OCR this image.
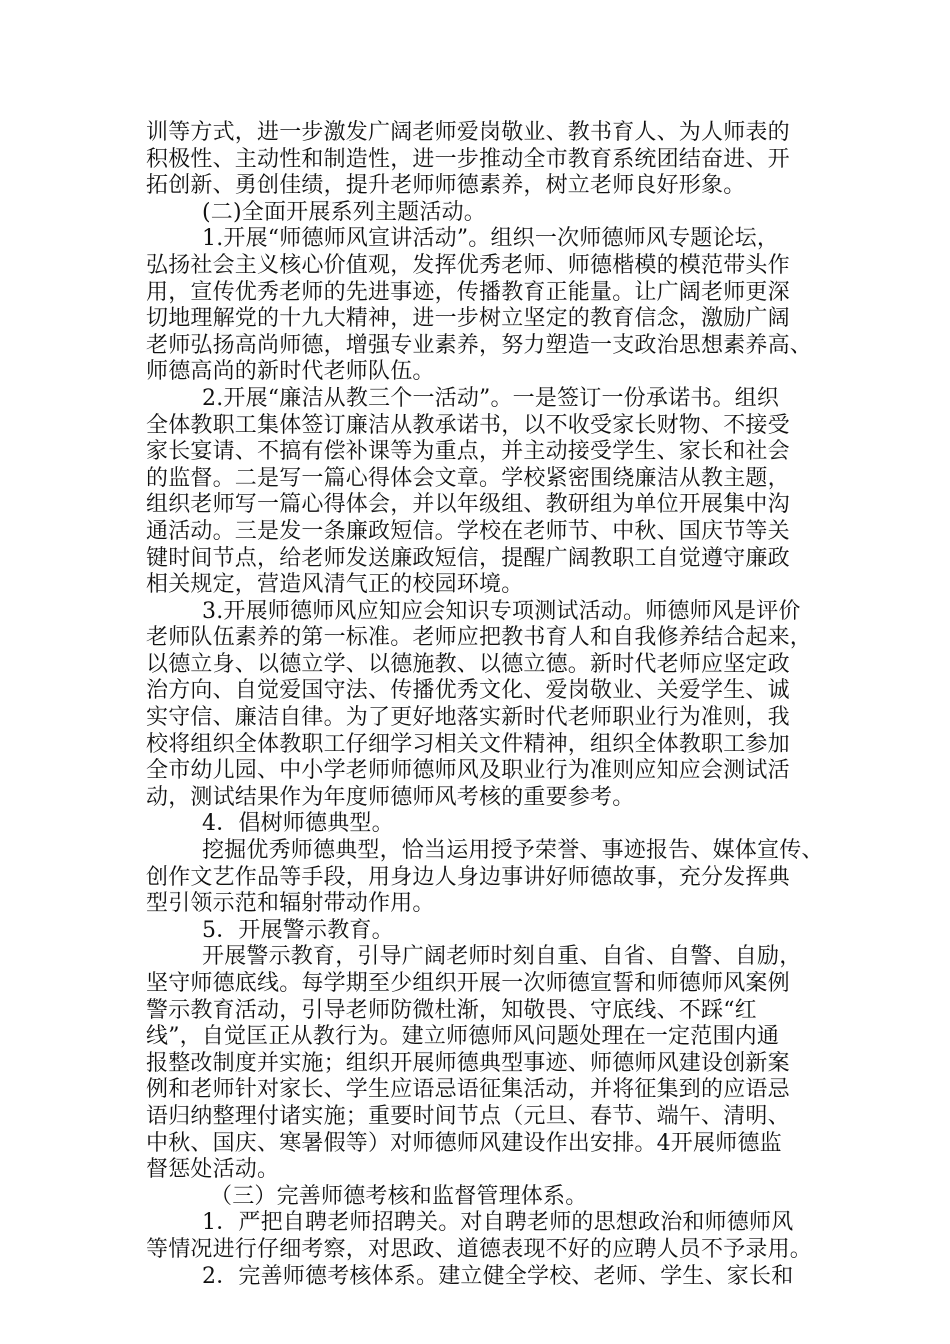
训等方式，进一步激发广阔老师爱岗敬业、教书育人、为人师表的
积极性、主动性和制造性，进一步推动全市教育系统团结奋进、开
拓创新、勇创佳绩，提升老师师德素养，树立老师良好形象。
(二)全面开展系列主题活动。
1.开展“师德师风宣讲活动”。组织一次师德师风专题论坛，
弘扬社会主义核心价值观，发挥优秀老师、师德楷模的模范带头作
用，宣传优秀老师的先进事迹，传播教育正能量。让广阔老师更深
切地理解党的十九大精神，进一步树立坚定的教育信念，激励广阔
老师弘扬高尚师德，增强专业素养，努力塑造一支政治思想素养高、
师德高尚的新时代老师队伍。
2.开展“廉洁从教三个一活动”。一是签订一份承诺书。组织
全体教职工集体签订廉洁从教承诺书，以不收受家长财物、不接受
家长宴请、不搞有偿补课等为重点，并主动接受学生、家长和社会
的监督。二是写一篇心得体会文章。学校紧密围绕廉洁从教主题，
组织老师写一篇心得体会，并以年级组、教研组为单位开展集中沟
通活动。三是发一条廉政短信。学校在老师节、中秋、国庆节等关
键时间节点，给老师发送廉政短信，提醒广阔教职工自觉遵守廉政
相关规定，营造风清气正的校园环境。
3.开展师德师风应知应会知识专项测试活动。师德师风是评价
老师队伍素养的第一标准。老师应把教书育人和自我修养结合起来，
以德立身、以德立学、以德施教、以德立德。新时代老师应坚定政
治方向、自觉爱国守法、传播优秀文化、爱岗敬业、关爱学生、诚
实守信、廉洁自律。为了更好地落实新时代老师职业行为准则，我
校将组织全体教职工仔细学习相关文件精神，组织全体教职工参加
全市幼儿园、中小学老师师德师风及职业行为准则应知应会测试活
动，测试结果作为年度师德师风考核的重要参考。
4．倡树师德典型。
挖掘优秀师德典型，恰当运用授予荣誉、事迹报告、媒体宣传、
创作文艺作品等手段，用身边人身边事讲好师德故事，充分发挥典
型引领示范和辐射带动作用。
5．开展警示教育。
开展警示教育，引导广阔老师时刻自重、自省、自警、自励，
坚守师德底线。每学期至少组织开展一次师德宣誓和师德师风案例
警示教育活动，引导老师防微杜渐，知敬畏、守底线、不踩“红
线”，自觉匡正从教行为。建立师德师风问题处理在一定范围内通
报整改制度并实施；组织开展师德典型事迹、师德师风建设创新案
例和老师针对家长、学生应语忌语征集活动，并将征集到的应语忌
语归纳整理付诸实施；重要时间节点（元旦、春节、端午、清明、
中秋、国庆、寒暑假等）对师德师风建设作出安排。4开展师德监
督惩处活动。
（三）完善师德考核和监督管理体系。
1．严把自聘老师招聘关。对自聘老师的思想政治和师德师风
等情况进行仔细考察，对思政、道德表现不好的应聘人员不予录用。
2．完善师德考核体系。建立健全学校、老师、学生、家长和
